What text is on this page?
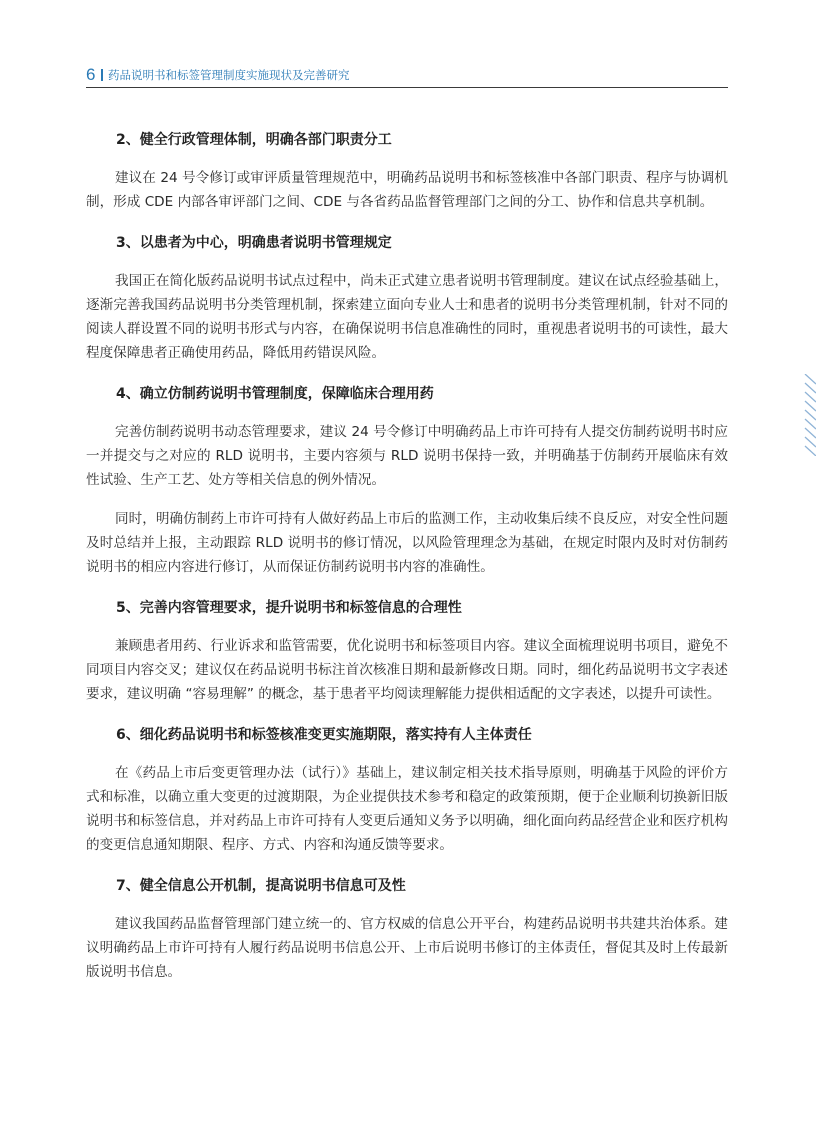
6 药品说明书和标签管理制度实施现状及完善研究
2、健全行政管理体制，明确各部门职责分工

建议在 24 号令修订或审评质量管理规范中，明确药品说明书和标签核准中各部门职责、程序与协调机制，形成 CDE 内部各审评部门之间、CDE 与各省药品监督管理部门之间的分工、协作和信息共享机制。

3、以患者为中心，明确患者说明书管理规定

我国正在简化版药品说明书试点过程中，尚未正式建立患者说明书管理制度。建议在试点经验基础上，逐渐完善我国药品说明书分类管理机制，探索建立面向专业人士和患者的说明书分类管理机制，针对不同的阅读人群设置不同的说明书形式与内容，在确保说明书信息准确性的同时，重视患者说明书的可读性，最大程度保障患者正确使用药品，降低用药错误风险。

4、确立仿制药说明书管理制度，保障临床合理用药

完善仿制药说明书动态管理要求，建议 24 号令修订中明确药品上市许可持有人提交仿制药说明书时应一并提交与之对应的 RLD 说明书，主要内容须与 RLD 说明书保持一致，并明确基于仿制药开展临床有效性试验、生产工艺、处方等相关信息的例外情况。

同时，明确仿制药上市许可持有人做好药品上市后的监测工作，主动收集后续不良反应，对安全性问题及时总结并上报，主动跟踪 RLD 说明书的修订情况，以风险管理理念为基础，在规定时限内及时对仿制药说明书的相应内容进行修订，从而保证仿制药说明书内容的准确性。

5、完善内容管理要求，提升说明书和标签信息的合理性

兼顾患者用药、行业诉求和监管需要，优化说明书和标签项目内容。建议全面梳理说明书项目，避免不同项目内容交叉；建议仅在药品说明书标注首次核准日期和最新修改日期。同时，细化药品说明书文字表述要求，建议明确 “容易理解” 的概念，基于患者平均阅读理解能力提供相适配的文字表述，以提升可读性。

6、细化药品说明书和标签核准变更实施期限，落实持有人主体责任

在《药品上市后变更管理办法（试行）》基础上，建议制定相关技术指导原则，明确基于风险的评价方式和标准，以确立重大变更的过渡期限，为企业提供技术参考和稳定的政策预期，便于企业顺利切换新旧版说明书和标签信息，并对药品上市许可持有人变更后通知义务予以明确，细化面向药品经营企业和医疗机构的变更信息通知期限、程序、方式、内容和沟通反馈等要求。

7、健全信息公开机制，提高说明书信息可及性

建议我国药品监督管理部门建立统一的、官方权威的信息公开平台，构建药品说明书共建共治体系。建议明确药品上市许可持有人履行药品说明书信息公开、上市后说明书修订的主体责任，督促其及时上传最新版说明书信息。
